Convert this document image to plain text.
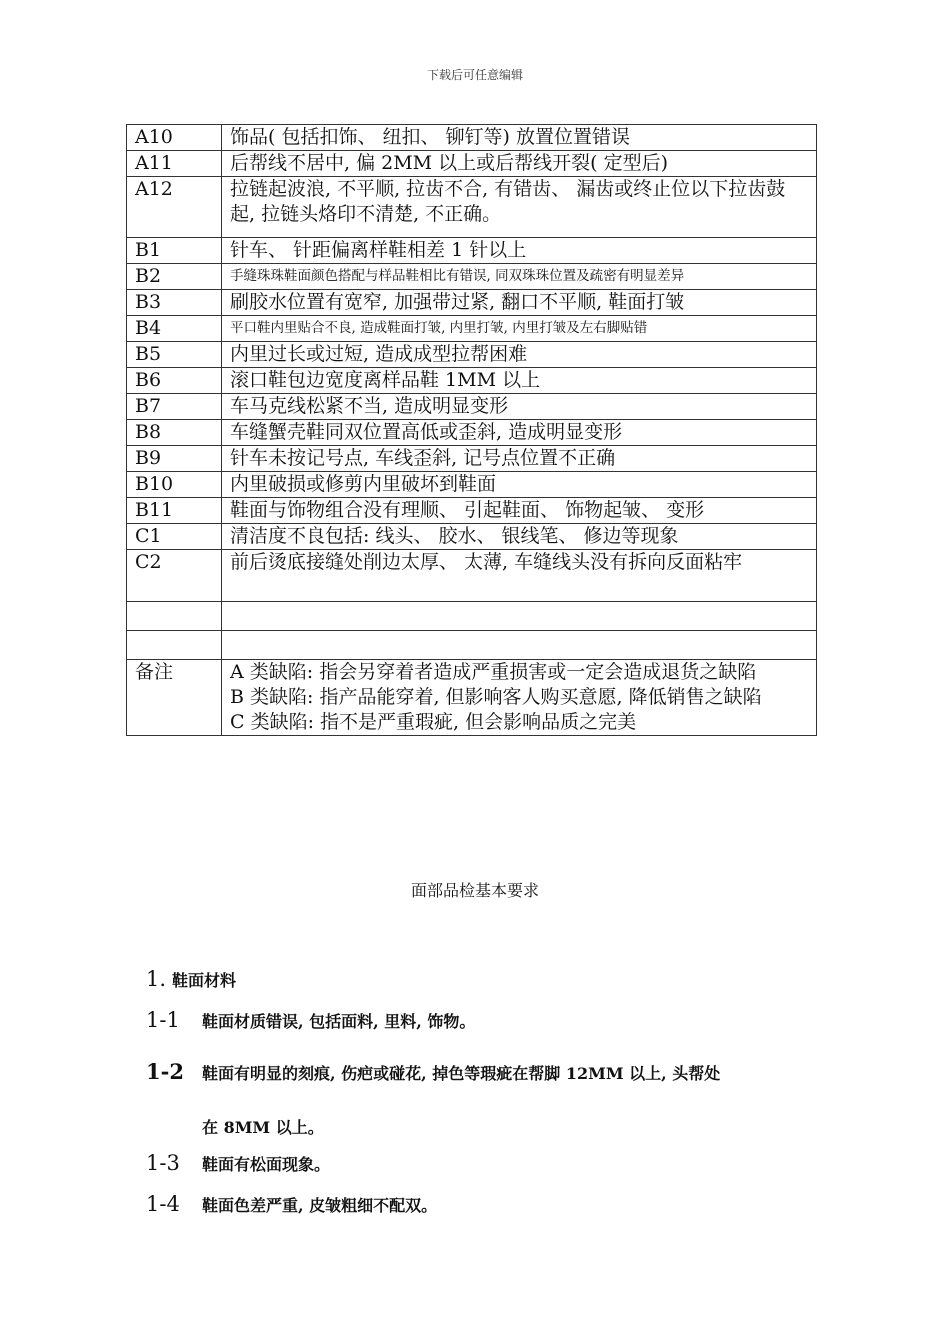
下载后可任意编辑
A10	饰品( 包括扣饰、 纽扣、 铆钉等) 放置位置错误
A11	后帮线不居中, 偏 2MM 以上或后帮线开裂( 定型后)
A12	拉链起波浪, 不平顺, 拉齿不合, 有错齿、 漏齿或终止位以下拉齿鼓起, 拉链头烙印不清楚, 不正确。
B1	针车、 针距偏离样鞋相差 1 针以上
B2	手缝珠珠鞋面颜色搭配与样品鞋相比有错误, 同双珠珠位置及疏密有明显差异
B3	刷胶水位置有宽窄, 加强带过紧, 翻口不平顺, 鞋面打皱
B4	平口鞋内里贴合不良, 造成鞋面打皱, 内里打皱, 内里打皱及左右脚贴错
B5	内里过长或过短, 造成成型拉帮困难
B6	滚口鞋包边宽度离样品鞋 1MM 以上
B7	车马克线松紧不当, 造成明显变形
B8	车缝蟹壳鞋同双位置高低或歪斜, 造成明显变形
B9	针车未按记号点, 车线歪斜, 记号点位置不正确
B10	内里破损或修剪内里破坏到鞋面
B11	鞋面与饰物组合没有理顺、 引起鞋面、 饰物起皱、 变形
C1	清洁度不良包括: 线头、 胶水、 银线笔、 修边等现象
C2	前后烫底接缝处削边太厚、 太薄, 车缝线头没有拆向反面粘牢

备注	A 类缺陷: 指会另穿着者造成严重损害或一定会造成退货之缺陷
B 类缺陷: 指产品能穿着, 但影响客人购买意愿, 降低销售之缺陷
C 类缺陷: 指不是严重瑕疵, 但会影响品质之完美
面部品检基本要求
1. 鞋面材料
1-1 鞋面材质错误, 包括面料, 里料, 饰物。
1-2 鞋面有明显的刻痕, 伤疤或碰花, 掉色等瑕疵在帮脚 12MM 以上, 头帮处
在 8MM 以上。
1-3 鞋面有松面现象。
1-4 鞋面色差严重, 皮皱粗细不配双。
